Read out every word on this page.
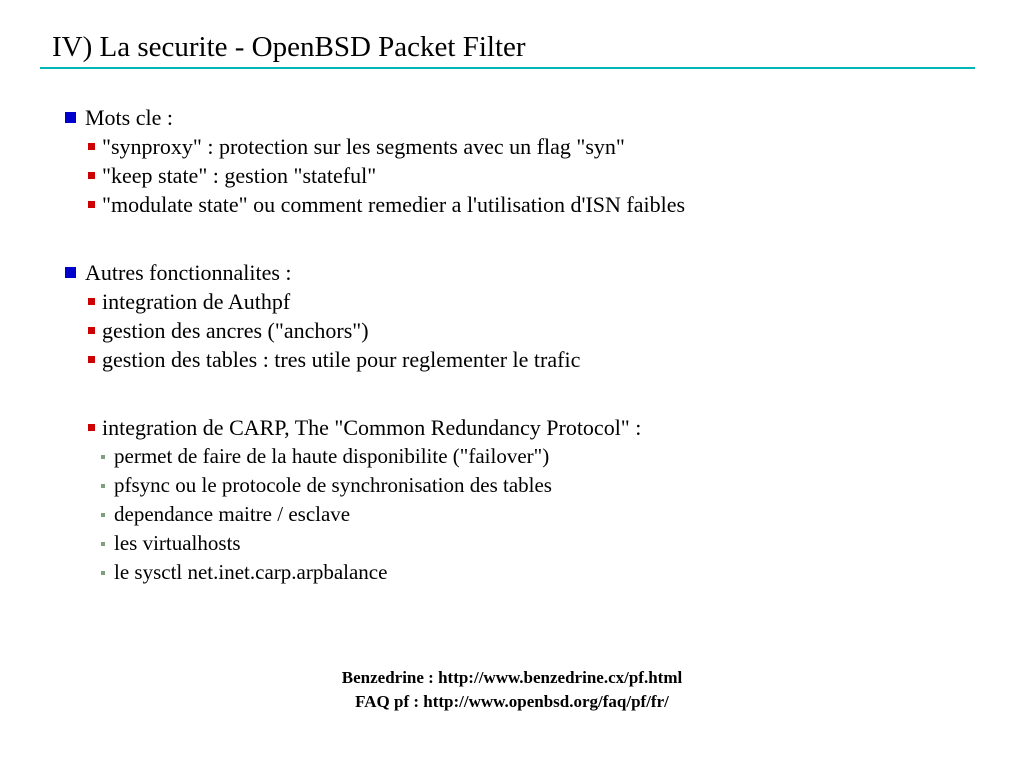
IV) La securite - OpenBSD Packet Filter
Mots cle :
"synproxy" : protection sur les segments avec un flag "syn"
"keep state" : gestion "stateful"
"modulate state" ou comment remedier a l'utilisation d'ISN faibles
Autres fonctionnalites :
integration de Authpf
gestion des ancres ("anchors")
gestion des tables : tres utile pour reglementer le trafic
integration de CARP, The "Common Redundancy Protocol" :
permet de faire de la haute disponibilite ("failover")
pfsync ou le protocole de synchronisation des tables
dependance maitre / esclave
les virtualhosts
le sysctl net.inet.carp.arpbalance
Benzedrine : http://www.benzedrine.cx/pf.html
FAQ pf : http://www.openbsd.org/faq/pf/fr/
